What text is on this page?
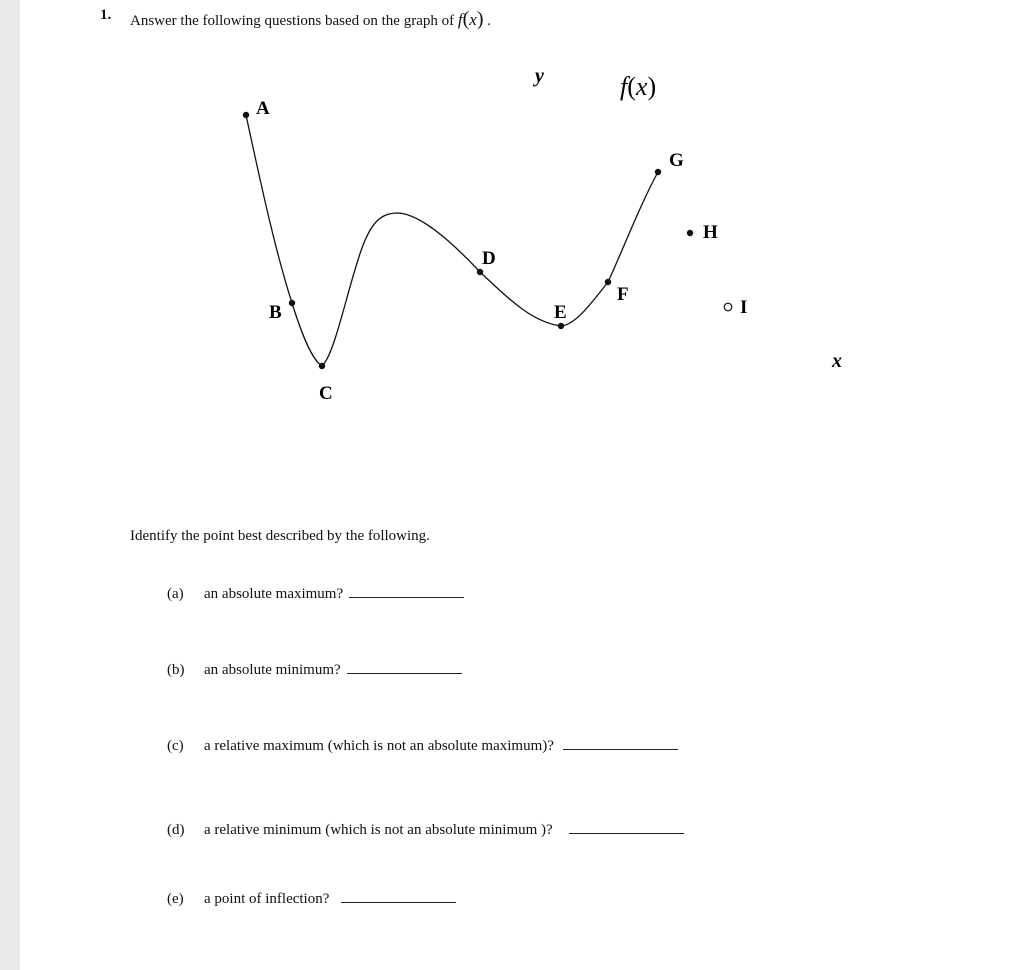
1. Answer the following questions based on the graph of f(x) .
A
B
C
D
E
F
G
H
I
y
x
f(x)
Identify the point best described by the following.
(a) an absolute maximum?
(b) an absolute minimum?
(c) a relative maximum (which is not an absolute maximum)?
(d) a relative minimum (which is not an absolute minimum )?
(e) a point of inflection?
